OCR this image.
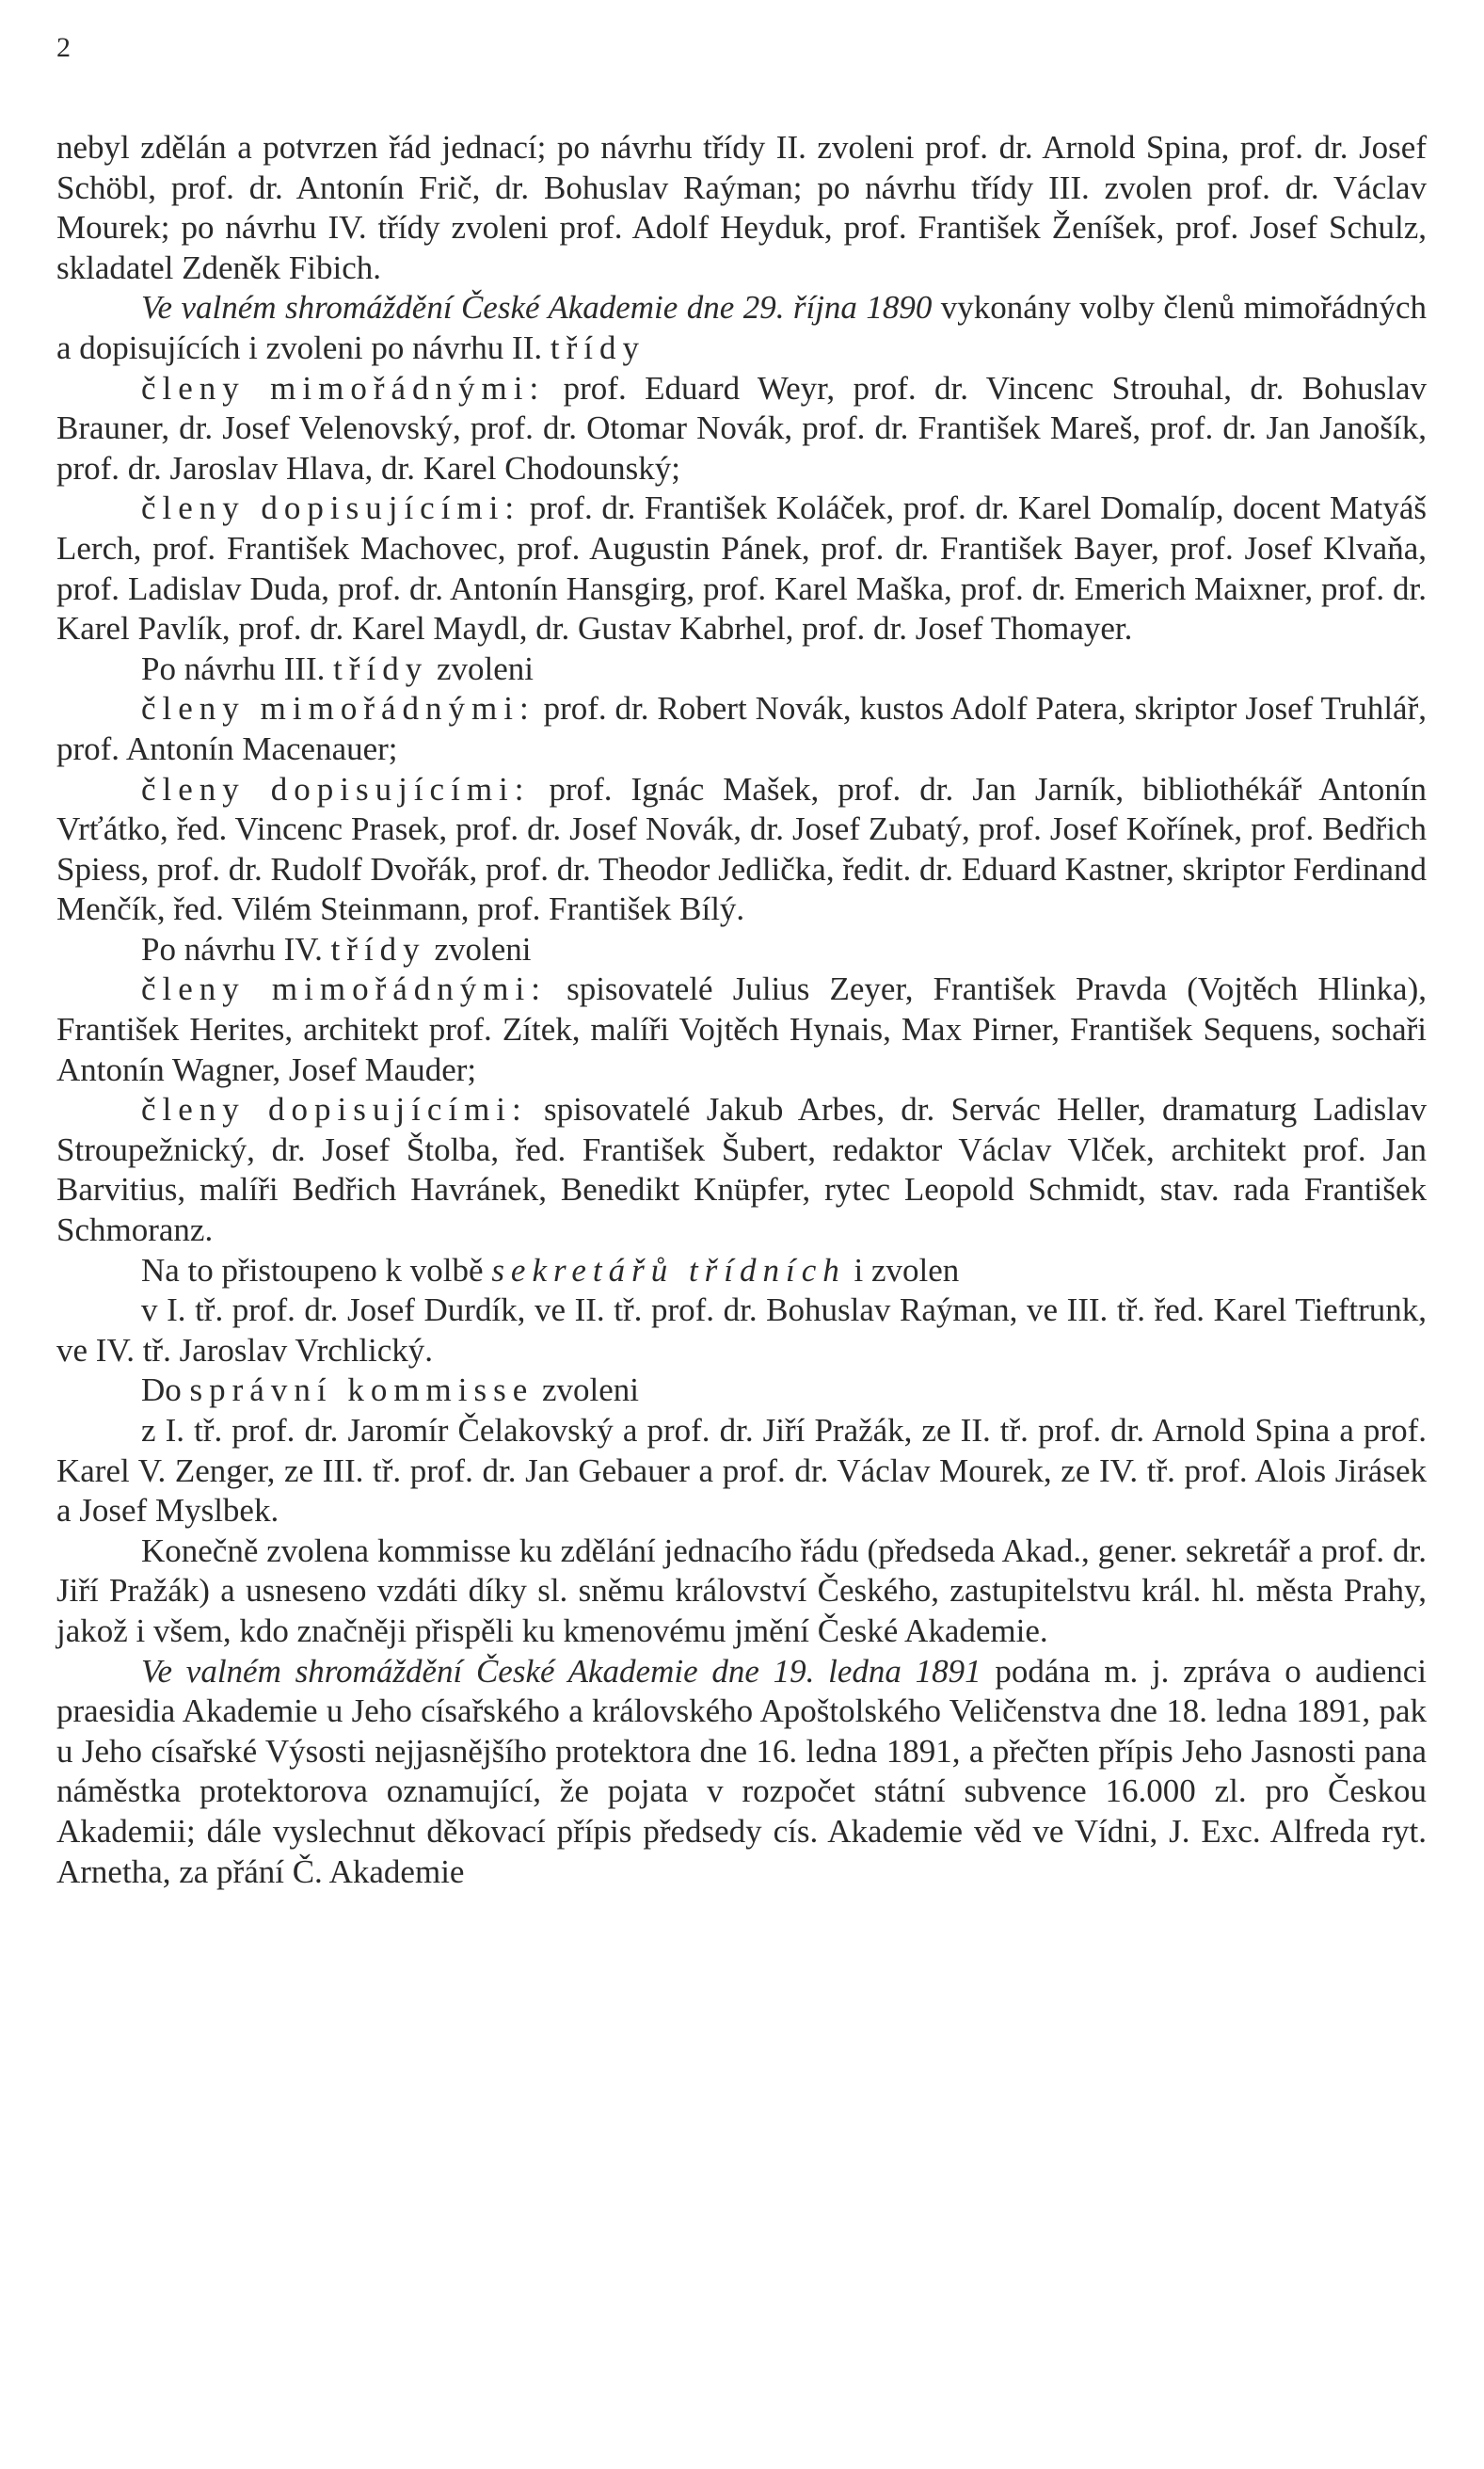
2

nebyl zdělán a potvrzen řád jednací; po návrhu třídy II. zvoleni prof. dr. Arnold Spina, prof. dr. Josef Schöbl, prof. dr. Antonín Frič, dr. Bohuslav Raýman; po návrhu třídy III. zvolen prof. dr. Václav Mourek; po návrhu IV. třídy zvoleni prof. Adolf Heyduk, prof. František Ženíšek, prof. Josef Schulz, skladatel Zdeněk Fibich.

Ve valném shromáždění České Akademie dne 29. října 1890 vykonány volby členů mimořádných a dopisujících i zvoleni po návrhu II. třídy
členy mimořádnými: prof. Eduard Weyr, prof. dr. Vincenc Strouhal, dr. Bohuslav Brauner, dr. Josef Velenovský, prof. dr. Otomar Novák, prof. dr. František Mareš, prof. dr. Jan Janošík, prof. dr. Jaroslav Hlava, dr. Karel Chodounský;

členy dopisujícími: prof. dr. František Koláček, prof. dr. Karel Domalíp, docent Matyáš Lerch, prof. František Machovec, prof. Augustin Pánek, prof. dr. František Bayer, prof. Josef Klvaňa, prof. Ladislav Duda, prof. dr. Antonín Hansgirg, prof. Karel Maška, prof. dr. Emerich Maixner, prof. dr. Karel Pavlík, prof. dr. Karel Maydl, dr. Gustav Kabrhel, prof. dr. Josef Thomayer.

Po návrhu III. třídy zvoleni

členy mimořádnými: prof. dr. Robert Novák, kustos Adolf Patera, skriptor Josef Truhlář, prof. Antonín Macenauer;

členy dopisujícími: prof. Ignác Mašek, prof. dr. Jan Jarník, bibliothékář Antonín Vrťátko, řed. Vincenc Prasek, prof. dr. Josef Novák, dr. Josef Zubatý, prof. Josef Kořínek, prof. Bedřich Spiess, prof. dr. Rudolf Dvořák, prof. dr. Theodor Jedlička, ředit. dr. Eduard Kastner, skriptor Ferdinand Menčík, řed. Vilém Steinmann, prof. František Bílý.

Po návrhu IV. třídy zvoleni

členy mimořádnými: spisovatelé Julius Zeyer, František Pravda (Vojtěch Hlinka), František Herites, architekt prof. Zítek, malíři Vojtěch Hynais, Max Pirner, František Sequens, sochaři Antonín Wagner, Josef Mauder;

členy dopisujícími: spisovatelé Jakub Arbes, dr. Servác Heller, dramaturg Ladislav Stroupežnický, dr. Josef Štolba, řed. František Šubert, redaktor Václav Vlček, architekt prof. Jan Barvitius, malíři Bedřich Havránek, Benedikt Knüpfer, rytec Leopold Schmidt, stav. rada František Schmoranz.

Na to přistoupeno k volbě sekretářů třídních i zvolen
v I. tř. prof. dr. Josef Durdík, ve II. tř. prof. dr. Bohuslav Raýman, ve III. tř. řed. Karel Tieftrunk, ve IV. tř. Jaroslav Vrchlický.

Do správní kommisse zvoleni
z I. tř. prof. dr. Jaromír Čelakovský a prof. dr. Jiří Pražák, ze II. tř. prof. dr. Arnold Spina a prof. Karel V. Zenger, ze III. tř. prof. dr. Jan Gebauer a prof. dr. Václav Mourek, ze IV. tř. prof. Alois Jirásek a Josef Myslbek.

Konečně zvolena kommisse ku zdělání jednacího řádu (předseda Akad., gener. sekretář a prof. dr. Jiří Pražák) a usneseno vzdáti díky sl. sněmu království Českého, zastupitelstvu král. hl. města Prahy, jakož i všem, kdo značněji přispěli ku kmenovému jmění České Akademie.

Ve valném shromáždění České Akademie dne 19. ledna 1891 podána m. j. zpráva o audienci praesidia Akademie u Jeho císařského a královského Apoštolského Veličenstva dne 18. ledna 1891, pak u Jeho císařské Výsosti nejjasnějšího protektora dne 16. ledna 1891, a přečten přípis Jeho Jasnosti pana náměstka protektorova oznamující, že pojata v rozpočet státní subvence 16.000 zl. pro Českou Akademii; dále vyslechnut děkovací přípis předsedy cís. Akademie věd ve Vídni, J. Exc. Alfreda ryt. Arnetha, za přání Č. Akademie
